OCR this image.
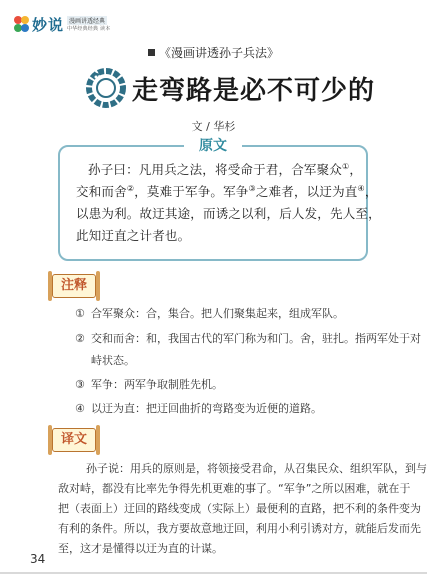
妙说 漫画讲透经典
中华经典经典 读本
《漫画讲透孙子兵法》
走弯路是必不可少的
文 / 华杉
原文
孙子曰：凡用兵之法，将受命于君，合军聚众①，
交和而舍②，莫难于军争。军争③之难者，以迂为直④，
以患为利。故迂其途，而诱之以利，后人发，先人至，
此知迂直之计者也。
注释
① 合军聚众：合，集合。把人们聚集起来，组成军队。
② 交和而舍：和，我国古代的军门称为和门。舍，驻扎。指两军处于对
峙状态。
③ 军争：两军争取制胜先机。
④ 以迂为直：把迂回曲折的弯路变为近便的道路。
译文
孙子说：用兵的原则是，将领接受君命，从召集民众、组织军队，到与
敌对峙，都没有比率先争得先机更难的事了。“军争”之所以困难，就在于
把（表面上）迂回的路线变成（实际上）最便利的直路，把不利的条件变为
有利的条件。所以，我方要故意地迂回，利用小利引诱对方，就能后发而先
至，这才是懂得以迂为直的计谋。
34
